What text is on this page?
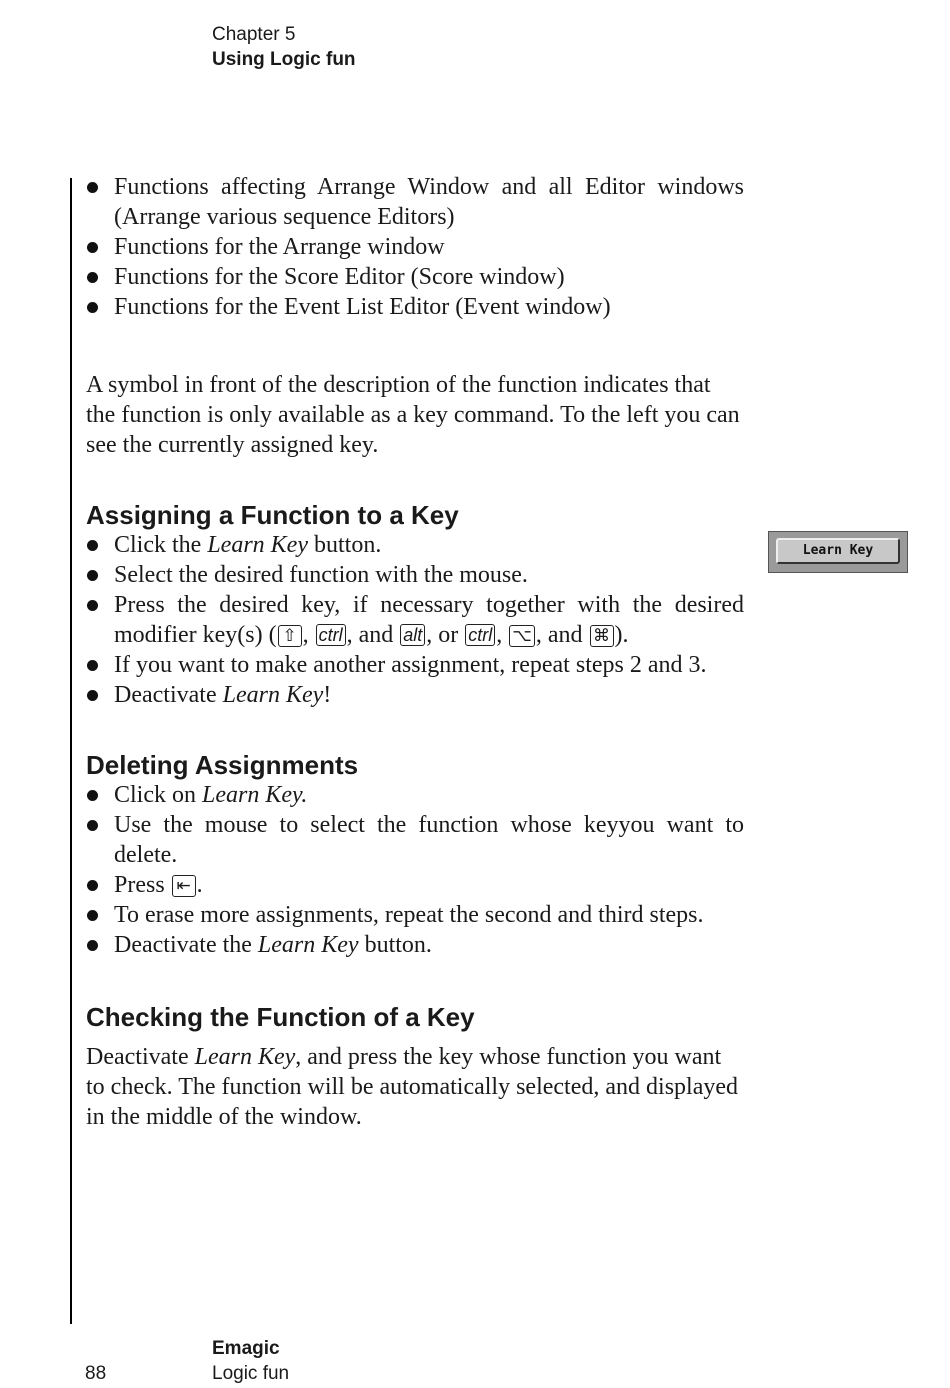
Chapter 5
Using Logic fun
Functions affecting Arrange Window and all Editor windows (Arrange various sequence Editors)
Functions for the Arrange window
Functions for the Score Editor (Score window)
Functions for the Event List Editor (Event window)

A symbol in front of the description of the function indicates that the function is only available as a key command. To the left you can see the currently assigned key.

Assigning a Function to a Key
Click the Learn Key button.
Select the desired function with the mouse.
Press the desired key, if necessary together with the desired modifier key(s) ( ⇧ , ctrl , and alt , or ctrl , ⌥ , and ⌘ ).
If you want to make another assignment, repeat steps 2 and 3.
Deactivate Learn Key!
Deleting Assignments
Click on Learn Key.
Use the mouse to select the function whose keyyou want to delete.
Press ⇤ .
To erase more assignments, repeat the second and third steps.
Deactivate the Learn Key button.
Checking the Function of a Key

Deactivate Learn Key, and press the key whose function you want to check. The function will be automatically selected, and displayed in the middle of the window.

Learn Key
Emagic
Logic fun
88
